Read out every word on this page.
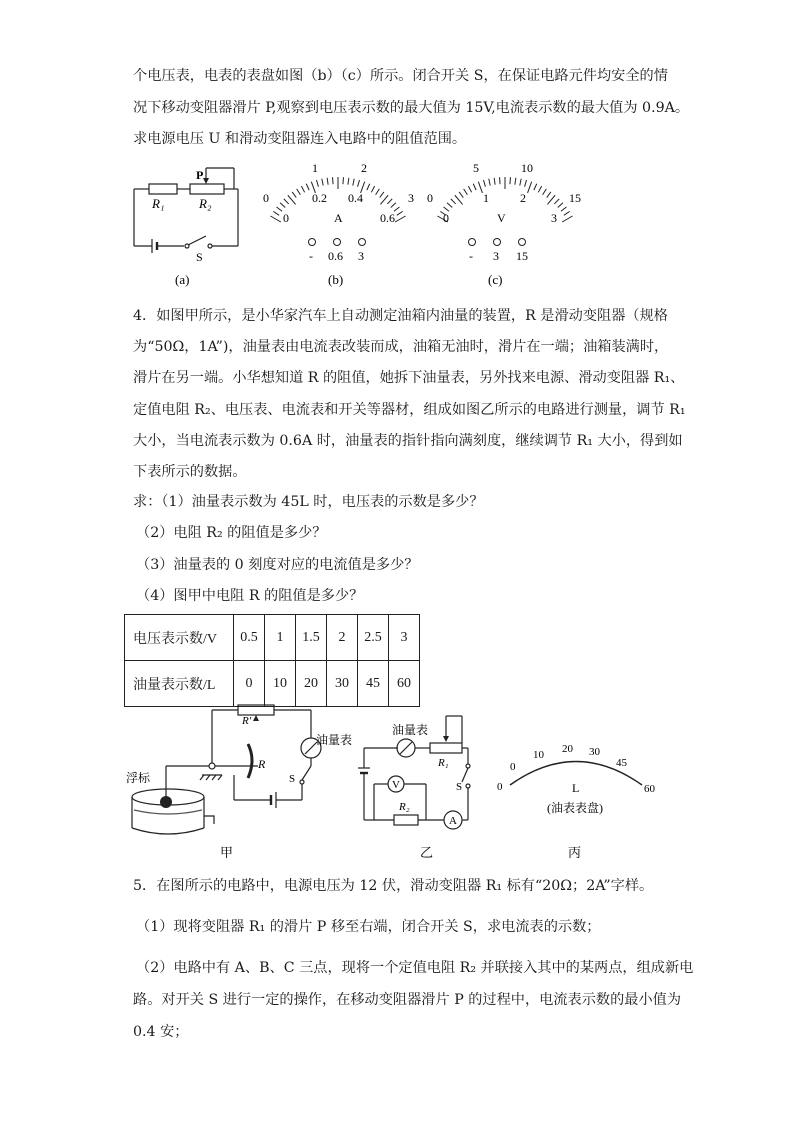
个电压表，电表的表盘如图（b）（c）所示。闭合开关 S，在保证电路元件均安全的情
况下移动变阻器滑片 P,观察到电压表示数的最大值为 15V,电流表示数的最大值为 0.9A。
求电源电压 U 和滑动变阻器连入电路中的阻值范围。
R₁	R₂
P
S
(a)
1	2
3
0
0
0.2 0.4
0.6
A
- 0.6 3
(b)
5	10
15
0
0
1	2
3
V
- 3 15
(c)
4．如图甲所示，是小华家汽车上自动测定油箱内油量的装置，R 是滑动变阻器（规格
为“50Ω，1A”)，油量表由电流表改装而成，油箱无油时，滑片在一端；油箱装满时，
滑片在另一端。小华想知道 R 的阻值，她拆下油量表，另外找来电源、滑动变阻器 R₁、
定值电阻 R₂、电压表、电流表和开关等器材，组成如图乙所示的电路进行测量，调节 R₁
大小，当电流表示数为 0.6A 时，油量表的指针指向满刻度，继续调节 R₁ 大小，得到如
下表所示的数据。
求：（1）油量表示数为 45L 时，电压表的示数是多少？
（2）电阻 R₂ 的阻值是多少？
（3）油量表的 0 刻度对应的电流值是多少？
（4）图甲中电阻 R 的阻值是多少？
电压表示数/V	0.5	1	1.5	2	2.5	3
油量表示数/L	0	10	20	30	45	60
R′
R
油量表
浮标	S
甲
油量表
R₁
R₂
V
A
S
乙
0
10 20 30
45
60
0	L
(油表表盘)
丙
5．在图所示的电路中，电源电压为 12 伏，滑动变阻器 R₁ 标有“20Ω；2A”字样。
（1）现将变阻器 R₁ 的滑片 P 移至右端，闭合开关 S，求电流表的示数；
（2）电路中有 A、B、C 三点，现将一个定值电阻 R₂ 并联接入其中的某两点，组成新电
路。对开关 S 进行一定的操作，在移动变阻器滑片 P 的过程中，电流表示数的最小值为
0.4 安；
